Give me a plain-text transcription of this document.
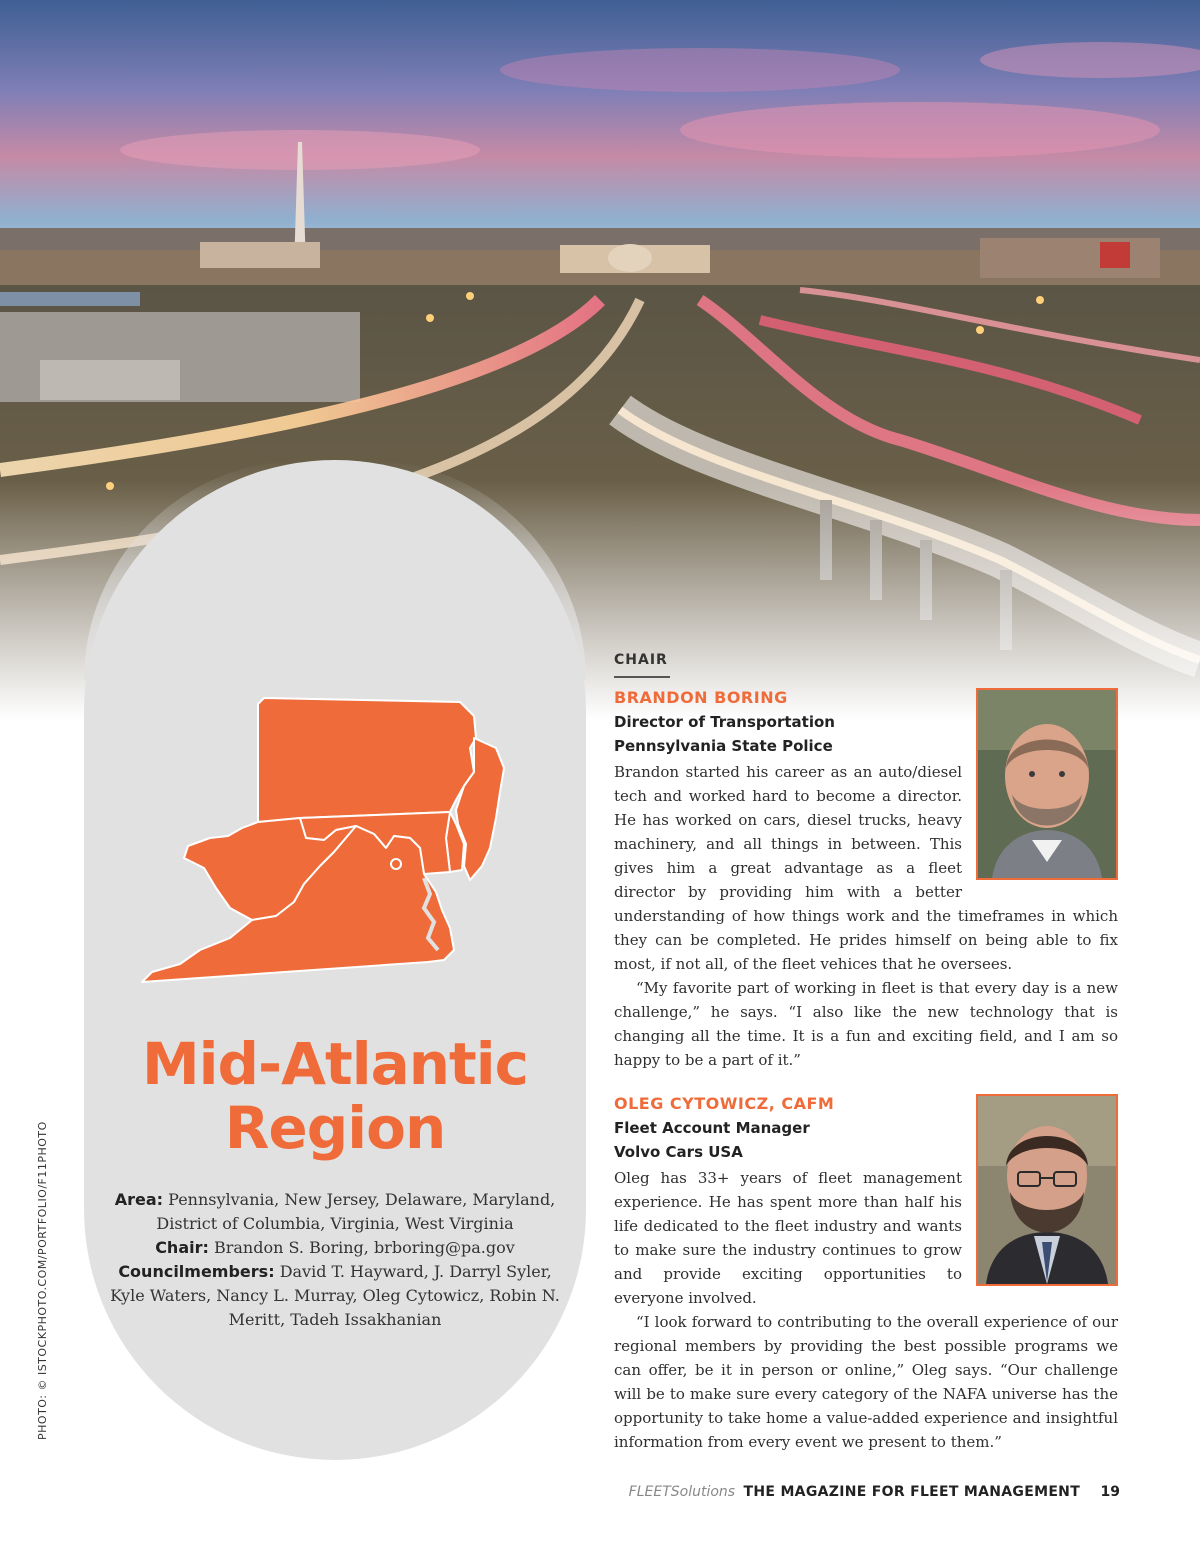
Mid-Atlantic
Region
Area: Pennsylvania, New Jersey, Delaware, Maryland, District of Columbia, Virginia, West Virginia
Chair: Brandon S. Boring, brboring@pa.gov
Councilmembers: David T. Hayward, J. Darryl Syler, Kyle Waters, Nancy L. Murray, Oleg Cytowicz, Robin N. Meritt, Tadeh Issakhanian
PHOTO: © ISTOCKPHOTO.COM/PORTFOLIO/F11PHOTO
CHAIR
BRANDON BORING
Director of Transportation
Pennsylvania State Police

Brandon started his career as an auto/diesel tech and worked hard to become a director. He has worked on cars, diesel trucks, heavy machinery, and all things in between. This gives him a great advantage as a fleet director by providing him with a better understanding of how things work and the timeframes in which they can be completed. He prides himself on being able to fix most, if not all, of the fleet vehices that he oversees.

“My favorite part of working in fleet is that every day is a new challenge,” he says. “I also like the new technology that is changing all the time. It is a fun and exciting field, and I am so happy to be a part of it.”

OLEG CYTOWICZ, CAFM
Fleet Account Manager
Volvo Cars USA

Oleg has 33+ years of fleet management experience. He has spent more than half his life dedicated to the fleet industry and wants to make sure the industry continues to grow and provide exciting opportunities to everyone involved.

“I look forward to contributing to the overall experience of our regional members by providing the best possible programs we can offer, be it in person or online,” Oleg says. “Our challenge will be to make sure every category of the NAFA universe has the opportunity to take home a value-added experience and insightful information from every event we present to them.”

FLEETSolutions THE MAGAZINE FOR FLEET MANAGEMENT 19
